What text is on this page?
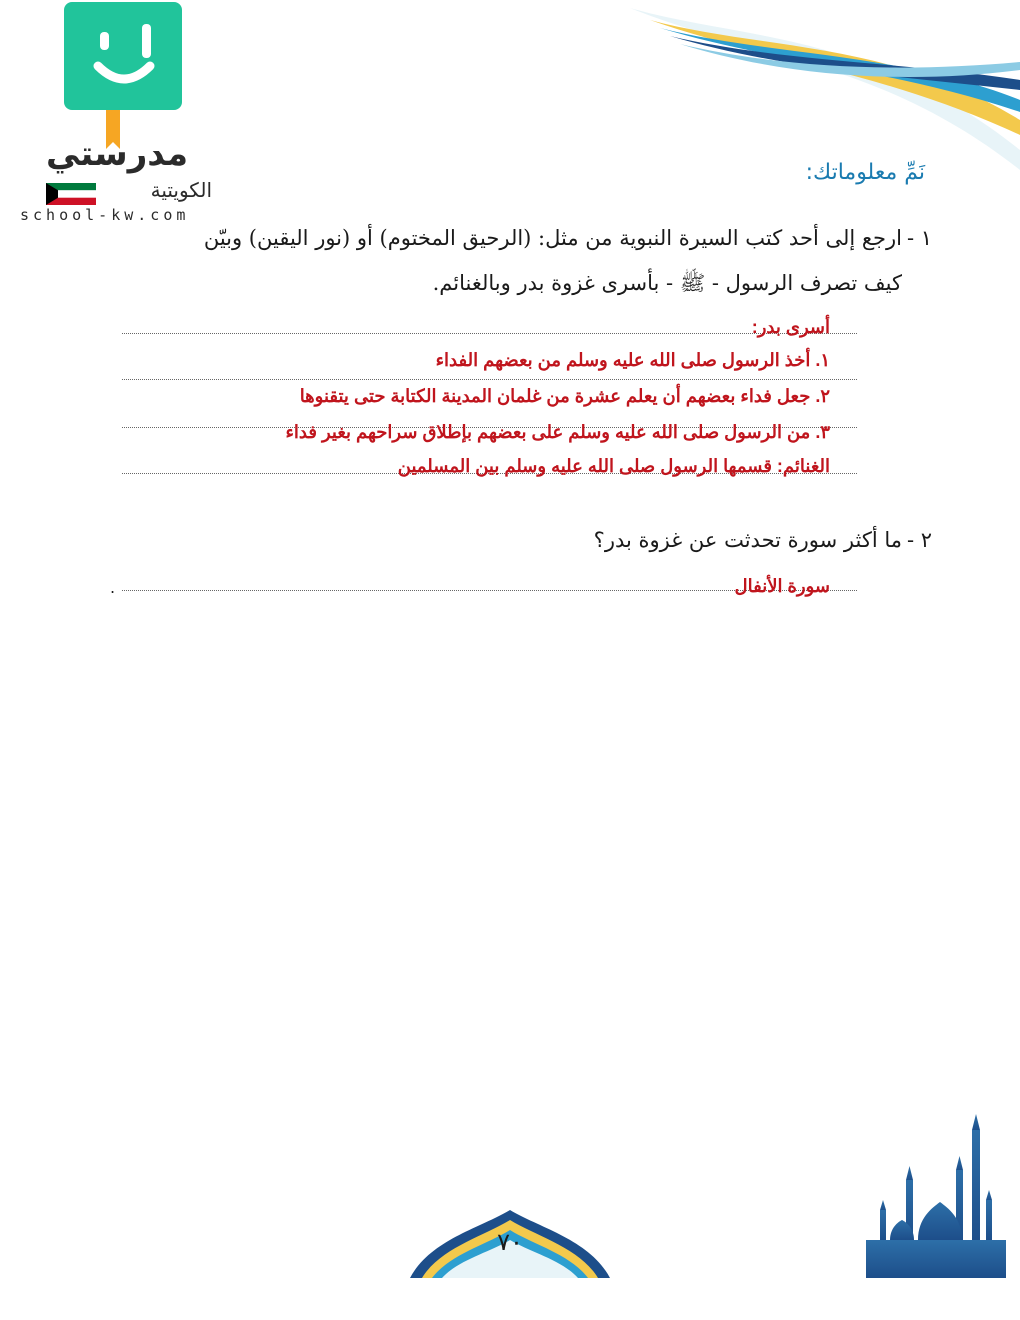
مدرستي
الكويتية
school-kw.com
نَمِّ معلوماتك:
١ -
ارجع إلى أحد كتب السيرة النبوية من مثل: (الرحيق المختوم) أو (نور اليقين) وبيّن
كيف تصرف الرسول - ﷺ - بأسرى غزوة بدر وبالغنائم.
أسرى بدر:
١. أخذ الرسول صلى الله عليه وسلم من بعضهم الفداء
٢. جعل فداء بعضهم أن يعلم عشرة من غلمان المدينة الكتابة حتى يتقنوها
٣. من الرسول صلى الله عليه وسلم على بعضهم بإطلاق سراحهم بغير فداء
الغنائم: قسمها الرسول صلى الله عليه وسلم بين المسلمين
٢ -
ما أكثر سورة تحدثت عن غزوة بدر؟
سورة الأنفال
.
٧٠
